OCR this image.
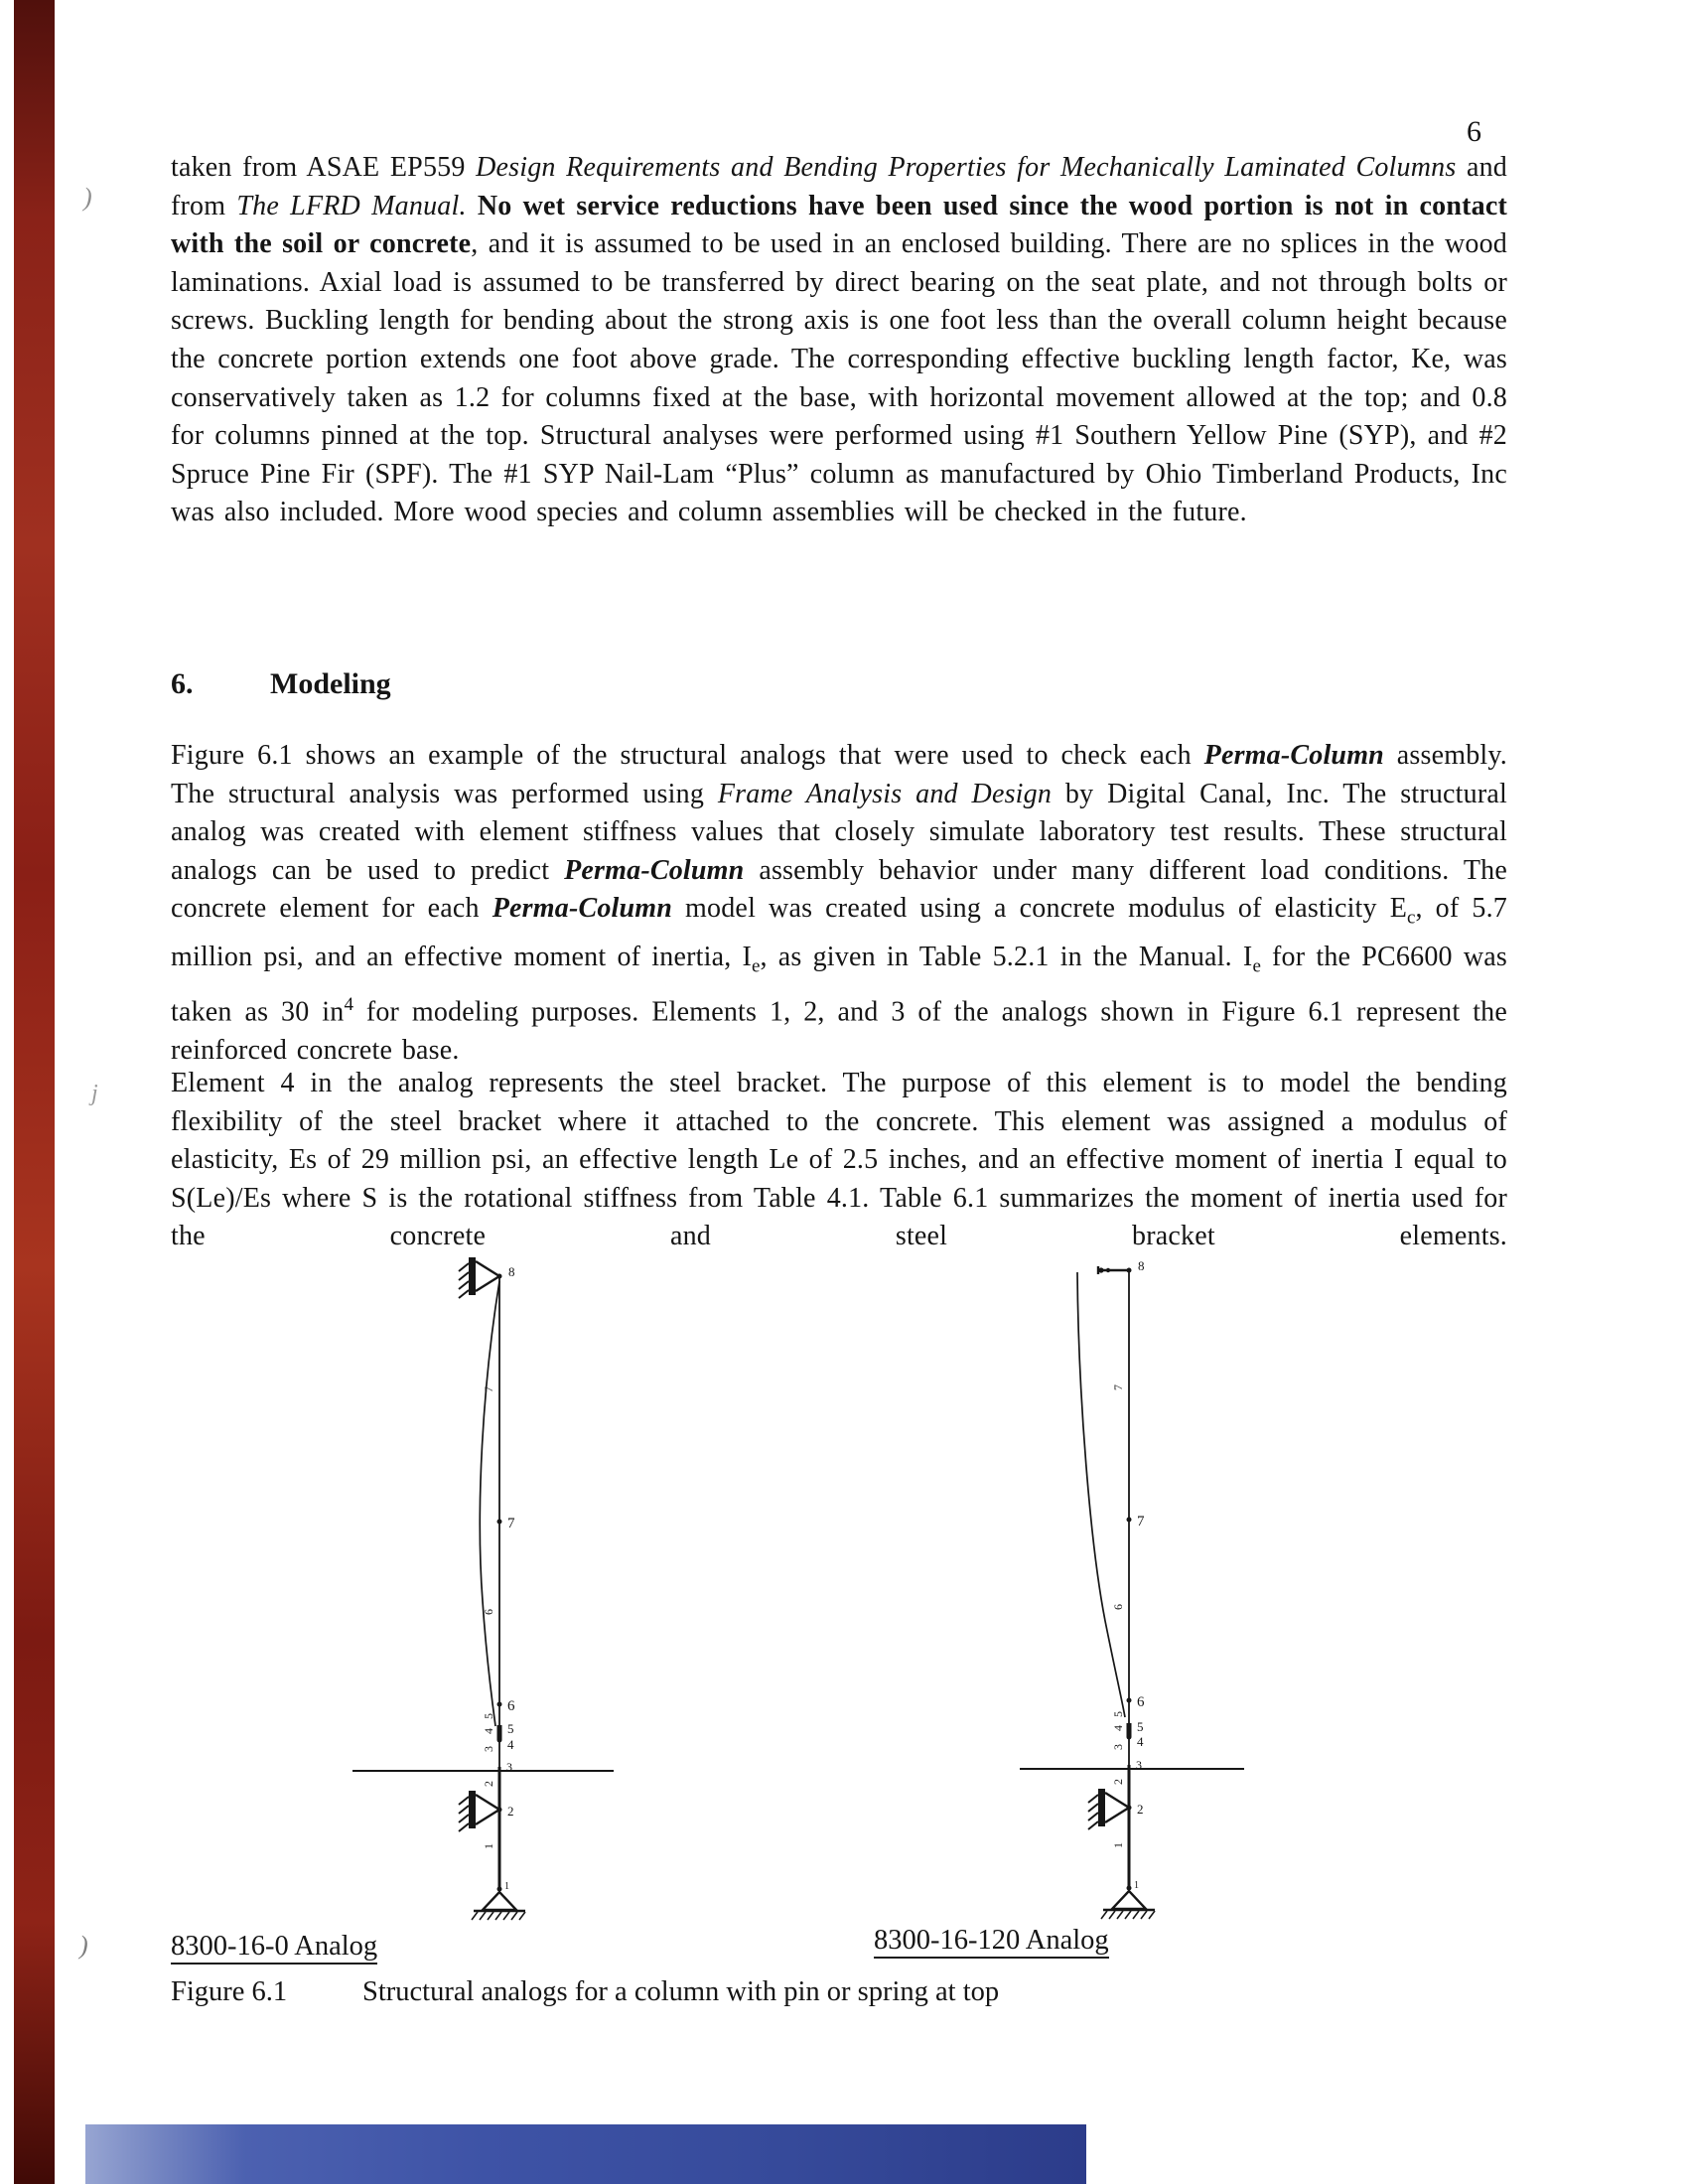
)
j
)
6
taken from ASAE EP559 Design Requirements and Bending Properties for Mechanically Laminated Columns and from The LFRD Manual. No wet service reductions have been used since the wood portion is not in contact with the soil or concrete, and it is assumed to be used in an enclosed building. There are no splices in the wood laminations. Axial load is assumed to be transferred by direct bearing on the seat plate, and not through bolts or screws. Buckling length for bending about the strong axis is one foot less than the overall column height because the concrete portion extends one foot above grade. The corresponding effective buckling length factor, Ke, was conservatively taken as 1.2 for columns fixed at the base, with horizontal movement allowed at the top; and 0.8 for columns pinned at the top. Structural analyses were performed using #1 Southern Yellow Pine (SYP), and #2 Spruce Pine Fir (SPF). The #1 SYP Nail-Lam “Plus” column as manufactured by Ohio Timberland Products, Inc was also included. More wood species and column assemblies will be checked in the future.
6.	Modeling
Figure 6.1 shows an example of the structural analogs that were used to check each Perma-Column assembly. The structural analysis was performed using Frame Analysis and Design by Digital Canal, Inc. The structural analog was created with element stiffness values that closely simulate laboratory test results. These structural analogs can be used to predict Perma-Column assembly behavior under many different load conditions. The concrete element for each Perma-Column model was created using a concrete modulus of elasticity $E_c$, of 5.7 million psi, and an effective moment of inertia, $I_e$, as given in Table 5.2.1 in the Manual. $I_e$ for the PC6600 was taken as 30 $in^4$ for modeling purposes. Elements 1, 2, and 3 of the analogs shown in Figure 6.1 represent the reinforced concrete base.
Element 4 in the analog represents the steel bracket. The purpose of this element is to model the bending flexibility of the steel bracket where it attached to the concrete. This element was assigned a modulus of elasticity, Es of 29 million psi, an effective length Le of 2.5 inches, and an effective moment of inertia I equal to S(Le)/Es where S is the rotational stiffness from Table 4.1. Table 6.1 summarizes the moment of inertia used for the concrete and steel bracket elements.
8
7
6
5
4
3
2
1
7
6
5
4
3
2
1
8
7
6
5
4
3
2
1
7
6
5
4
3
2
1
8300-16-0 Analog	8300-16-120 Analog
Figure 6.1	Structural analogs for a column with pin or spring at top
